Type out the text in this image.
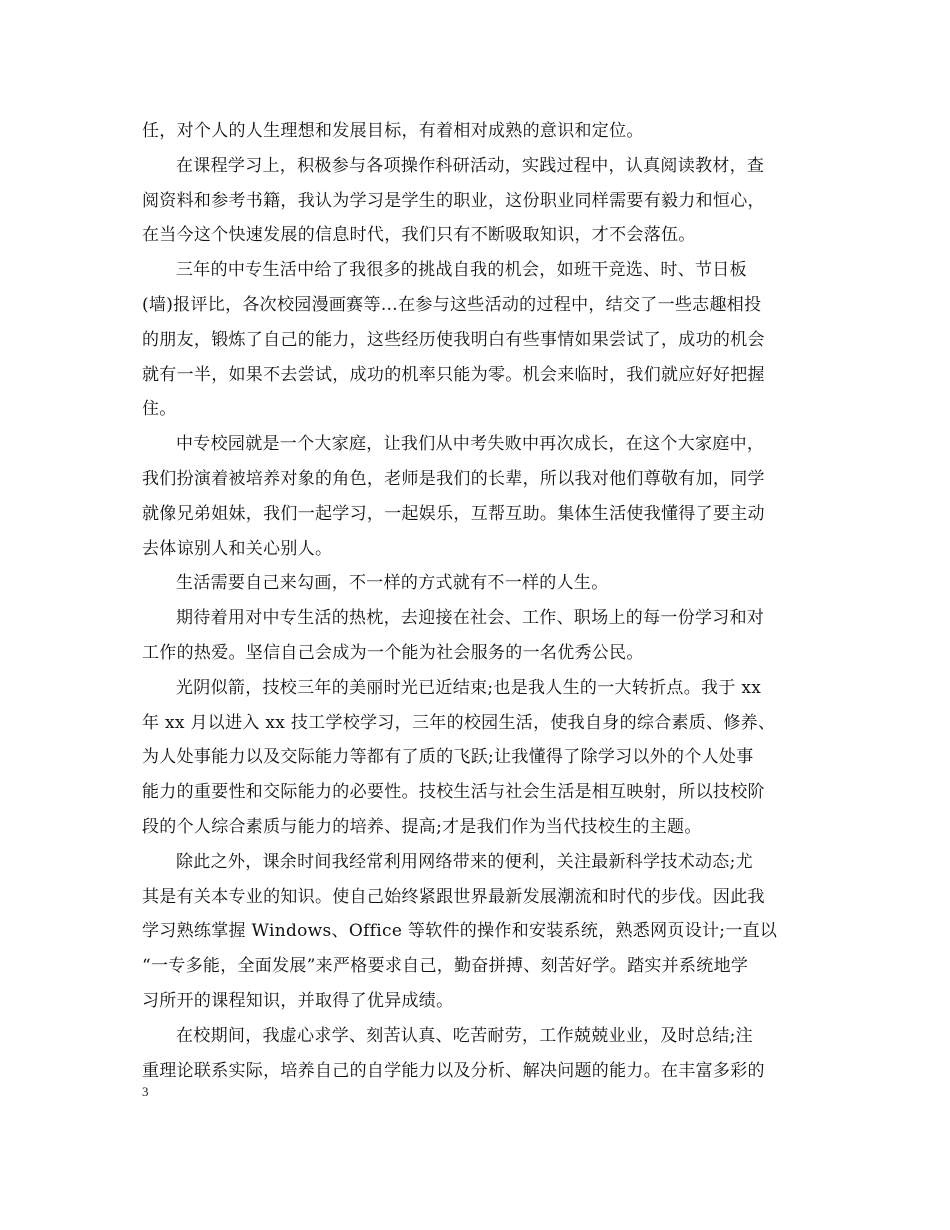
任，对个人的人生理想和发展目标，有着相对成熟的意识和定位。
在课程学习上，积极参与各项操作科研活动，实践过程中，认真阅读教材，查
阅资料和参考书籍，我认为学习是学生的职业，这份职业同样需要有毅力和恒心，
在当今这个快速发展的信息时代，我们只有不断吸取知识，才不会落伍。
三年的中专生活中给了我很多的挑战自我的机会，如班干竞选、时、节日板
(墙)报评比，各次校园漫画赛等…在参与这些活动的过程中，结交了一些志趣相投
的朋友，锻炼了自己的能力，这些经历使我明白有些事情如果尝试了，成功的机会
就有一半，如果不去尝试，成功的机率只能为零。机会来临时，我们就应好好把握
住。
中专校园就是一个大家庭，让我们从中考失败中再次成长，在这个大家庭中，
我们扮演着被培养对象的角色，老师是我们的长辈，所以我对他们尊敬有加，同学
就像兄弟姐妹，我们一起学习，一起娱乐，互帮互助。集体生活使我懂得了要主动
去体谅别人和关心别人。
生活需要自己来勾画，不一样的方式就有不一样的人生。
期待着用对中专生活的热枕，去迎接在社会、工作、职场上的每一份学习和对
工作的热爱。坚信自己会成为一个能为社会服务的一名优秀公民。
光阴似箭，技校三年的美丽时光已近结束;也是我人生的一大转折点。我于 xx
年 xx 月以进入 xx 技工学校学习，三年的校园生活，使我自身的综合素质、修养、
为人处事能力以及交际能力等都有了质的飞跃;让我懂得了除学习以外的个人处事
能力的重要性和交际能力的必要性。技校生活与社会生活是相互映射，所以技校阶
段的个人综合素质与能力的培养、提高;才是我们作为当代技校生的主题。
除此之外，课余时间我经常利用网络带来的便利，关注最新科学技术动态;尤
其是有关本专业的知识。使自己始终紧跟世界最新发展潮流和时代的步伐。因此我
学习熟练掌握 Windows、Office 等软件的操作和安装系统，熟悉网页设计;一直以
“一专多能，全面发展”来严格要求自己，勤奋拼搏、刻苦好学。踏实并系统地学
习所开的课程知识，并取得了优异成绩。
在校期间，我虚心求学、刻苦认真、吃苦耐劳，工作兢兢业业，及时总结;注
重理论联系实际，培养自己的自学能力以及分析、解决问题的能力。在丰富多彩的
3
